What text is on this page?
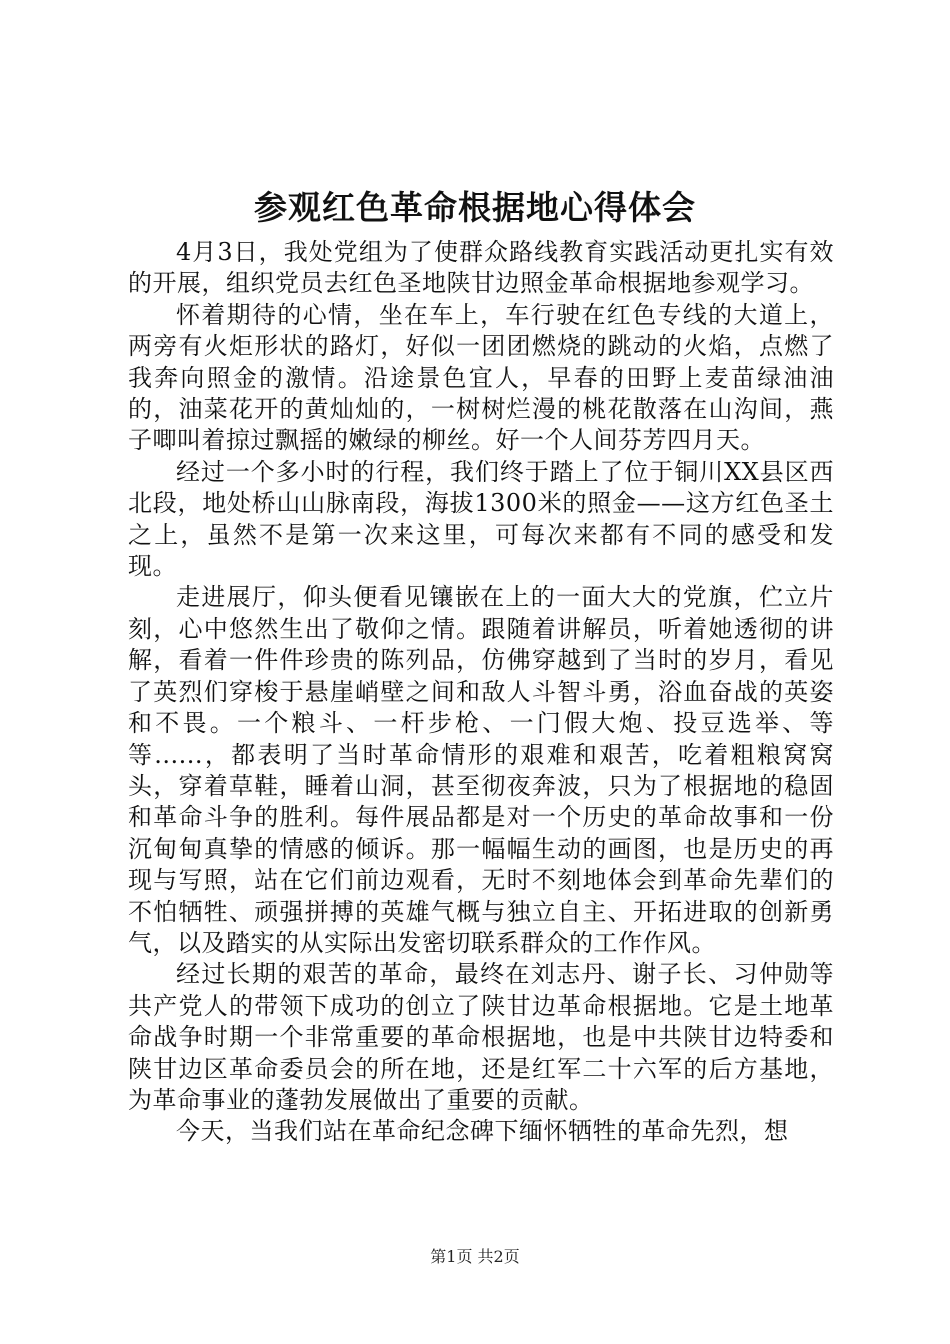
参观红色革命根据地心得体会

4月3日，我处党组为了使群众路线教育实践活动更扎实有效的开展，组织党员去红色圣地陕甘边照金革命根据地参观学习。

怀着期待的心情，坐在车上，车行驶在红色专线的大道上，两旁有火炬形状的路灯，好似一团团燃烧的跳动的火焰，点燃了我奔向照金的激情。沿途景色宜人，早春的田野上麦苗绿油油的，油菜花开的黄灿灿的，一树树烂漫的桃花散落在山沟间，燕子唧叫着掠过飘摇的嫩绿的柳丝。好一个人间芬芳四月天。

经过一个多小时的行程，我们终于踏上了位于铜川XX县区西北段，地处桥山山脉南段，海拔1300米的照金——这方红色圣土之上，虽然不是第一次来这里，可每次来都有不同的感受和发现。

走进展厅，仰头便看见镶嵌在上的一面大大的党旗，伫立片刻，心中悠然生出了敬仰之情。跟随着讲解员，听着她透彻的讲解，看着一件件珍贵的陈列品，仿佛穿越到了当时的岁月，看见了英烈们穿梭于悬崖峭壁之间和敌人斗智斗勇，浴血奋战的英姿和不畏。一个粮斗、一杆步枪、一门假大炮、投豆选举、等等......，都表明了当时革命情形的艰难和艰苦，吃着粗粮窝窝头，穿着草鞋，睡着山洞，甚至彻夜奔波，只为了根据地的稳固和革命斗争的胜利。每件展品都是对一个历史的革命故事和一份沉甸甸真挚的情感的倾诉。那一幅幅生动的画图，也是历史的再现与写照，站在它们前边观看，无时不刻地体会到革命先辈们的不怕牺牲、顽强拼搏的英雄气概与独立自主、开拓进取的创新勇气，以及踏实的从实际出发密切联系群众的工作作风。

经过长期的艰苦的革命，最终在刘志丹、谢子长、习仲勋等共产党人的带领下成功的创立了陕甘边革命根据地。它是土地革命战争时期一个非常重要的革命根据地，也是中共陕甘边特委和陕甘边区革命委员会的所在地，还是红军二十六军的后方基地，为革命事业的蓬勃发展做出了重要的贡献。

今天，当我们站在革命纪念碑下缅怀牺牲的革命先烈，想

第1页 共2页
